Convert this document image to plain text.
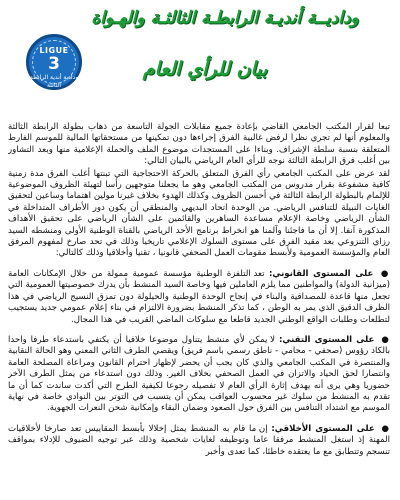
وداديــة أنديـة الرابطـة الثالثـة والهـواة
LIGUE
3
ودادية أندية الرابطة الثالثة
بيان للرأي العام

تبعا لقرار المكتب الجامعي القاضي بإعادة جميع مقابلات الجولة التاسعة من ذهاب بطولة الرابطة الثالثة والمعلوم أنها لم تجري نظرا لرفض غالبية الفرق إجراءها دون تمكينها من مستحقاتها المالية للموسم الفارط المتعلقة بنسبة سلطة الإشراف. وبناءا على المستجدات موضوع الملف والحملة الإعلامية منها وبعد التشاور بين أغلب فرق الرابطة الثالثة نوجه للرأي العام الرياضي بالبيان التالي:

لقد عرض على المكتب الجامعي رأي الفرق المتعلق بالحركة الاحتجاجية التي تبنتها أغلب الفرق مدة زمنية كافية مشفوعة بقرار مدروس من المكتب الجامعي وهو ما يجعلنا متوجهين رأسا لتهيئة الظروف الموضوعية للإلمام بالبطولة الرابطة الثالثة في أحسن الظروف وكذلك الهدوء بخلاف غيرنا مولين اهتماما وساعين لتحقيق الغايات النبيلة للتنافس الرياضي. من الوحدة اتحاد البديهي والمنطقي أن يكون دور الأطراف المتداخلة في الشأن الرياضي وخاصة الإعلام مساعدة الساهرين والقائمين على الشأن الرياضي على تحقيق الأهداف المذكورة آنفا. إلا أن ما فاجئنا وآلمنا هو انخراط برنامج الأحد الرياضي بالقناة الوطنية الأولى ومنشطه السيد رزاي التنزوعي بعد مقيد الفرق على مستوى السلوك الإعلامي تاريخيا وذلك في تحد صارخ لمفهوم المرفق العام والمؤسسة العمومية ولأبسط مقومات العمل الصحفي قانونيا ، تقنيا وأخلاقيا وذلك كالتالي:

● على المستوى القانوني: تعد التلفزة الوطنية مؤسسة عمومية ممولة من خلال الإمكانات العامة (ميزانية الدولة) والمواطنين مما يلزم العاملين فيها وخاصة السيد المنشط بأن يدرك خصوصيتها العمومية التي تجعل منها قاعدة للمصداقية والبناء في إنجاح الوحدة الوطنية والحيلولة دون تمزق النسيج الرياضي في هذا الظرف الدقيق الذي يمر به الوطن ، كما تذكر المنشط بضرورة الالتزام في بناء إعلام عمومي جديد يستجيب لتطلعات وطلبات الواقع الوطني الجديد قاطعا مع سلوكات الماضي القريب في هذا المجال.

● على المستوى التقني: لا يمكن لأي منشط يتناول موضوعا خلافيا أن يكتفي باستدعاء طرفا واحدا بالكاد رؤوس (صحفي - محامي - ناطق رسمي باسم فريق) ويقصي الطرف الثاني المعني وهو الحالة النقابية والمنتصرة في المكتب الجامعي والذي كان يجب أن يحضر لإظهار احترام القانون ومراعاة المصلحة العامة وانتصارا لحق الحياد والاتزان في العمل الصحفي بخلاف الغير. وذلك دون استدعاء من يمثل الطرف الآخر حضوريا وهي يرى أنه يهدف إثارة الرأي العام لا تفصيله رجوعا لكيفية الطرح التي أكدت ساندت كما أن ما تقدم به المنشط من سلوك غير محسوب العواقب يمكن أن يتسبب في التوتر بين النوادي خاصة في نهاية الموسم مع اشتداد التنافس بين الفرق حول الصعود وضمان البقاء وإمكانية شحن النعرات الجهوية.

● على المستوى الأخلاقي: إن ما قام به المنشط يمثل إخلالا بأبسط المقاييس تعد صارخا لأخلاقيات المهنة إذ استغل المنشط مرفقا عاما وتوظيفه لغايات شخصية وذلك عبر توجيه الضيوف للإدلاء بمواقف تنسجم وتتطابق مع ما يعتقده خاطئا، كما تعدى وأخبر
